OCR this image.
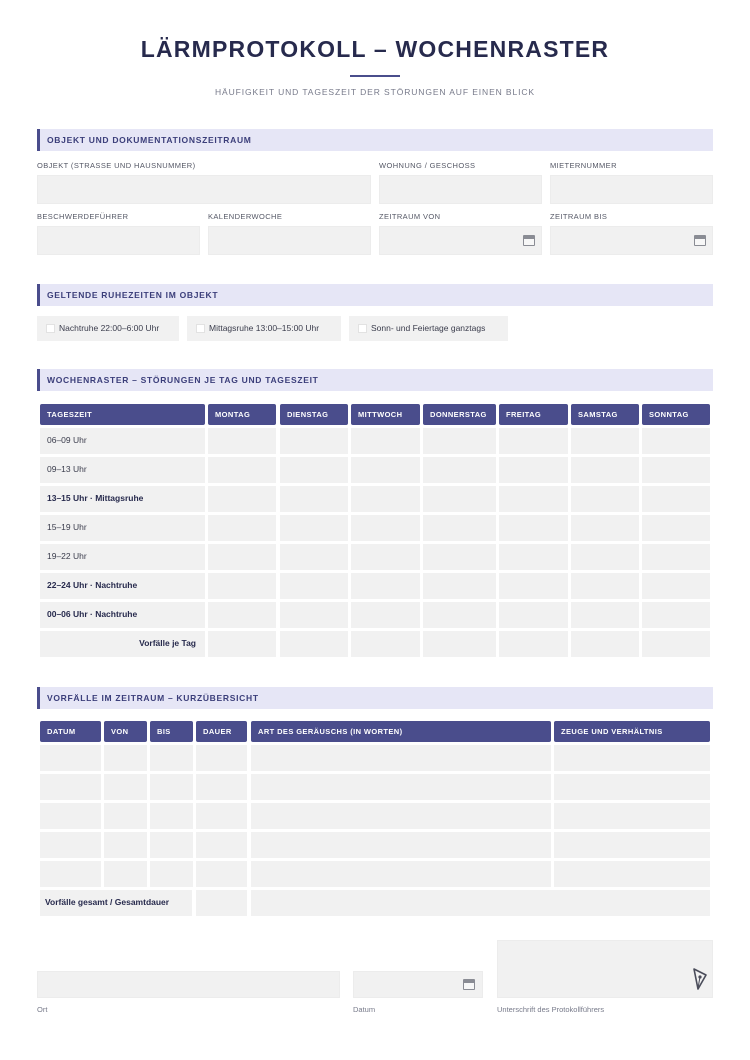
LÄRMPROTOKOLL – WOCHENRASTER
HÄUFIGKEIT UND TAGESZEIT DER STÖRUNGEN AUF EINEN BLICK
OBJEKT UND DOKUMENTATIONSZEITRAUM
OBJEKT (STRASSE UND HAUSNUMMER)	WOHNUNG / GESCHOSS	MIETERNUMMER
BESCHWERDEFÜHRER	KALENDERWOCHE	ZEITRAUM VON	ZEITRAUM BIS
GELTENDE RUHEZEITEN IM OBJEKT
Nachtruhe 22:00–6:00 Uhr	Mittagsruhe 13:00–15:00 Uhr	Sonn- und Feiertage ganztags
WOCHENRASTER – STÖRUNGEN JE TAG UND TAGESZEIT
TAGESZEIT	MONTAG	DIENSTAG	MITTWOCH	DONNERSTAG	FREITAG	SAMSTAG	SONNTAG
06–09 Uhr
09–13 Uhr
13–15 Uhr · Mittagsruhe
15–19 Uhr
19–22 Uhr
22–24 Uhr · Nachtruhe
00–06 Uhr · Nachtruhe
Vorfälle je Tag
VORFÄLLE IM ZEITRAUM – KURZÜBERSICHT
DATUM	VON	BIS	DAUER	ART DES GERÄUSCHS (IN WORTEN)	ZEUGE UND VERHÄLTNIS
Vorfälle gesamt / Gesamtdauer
Ort	Datum	Unterschrift des Protokollführers
